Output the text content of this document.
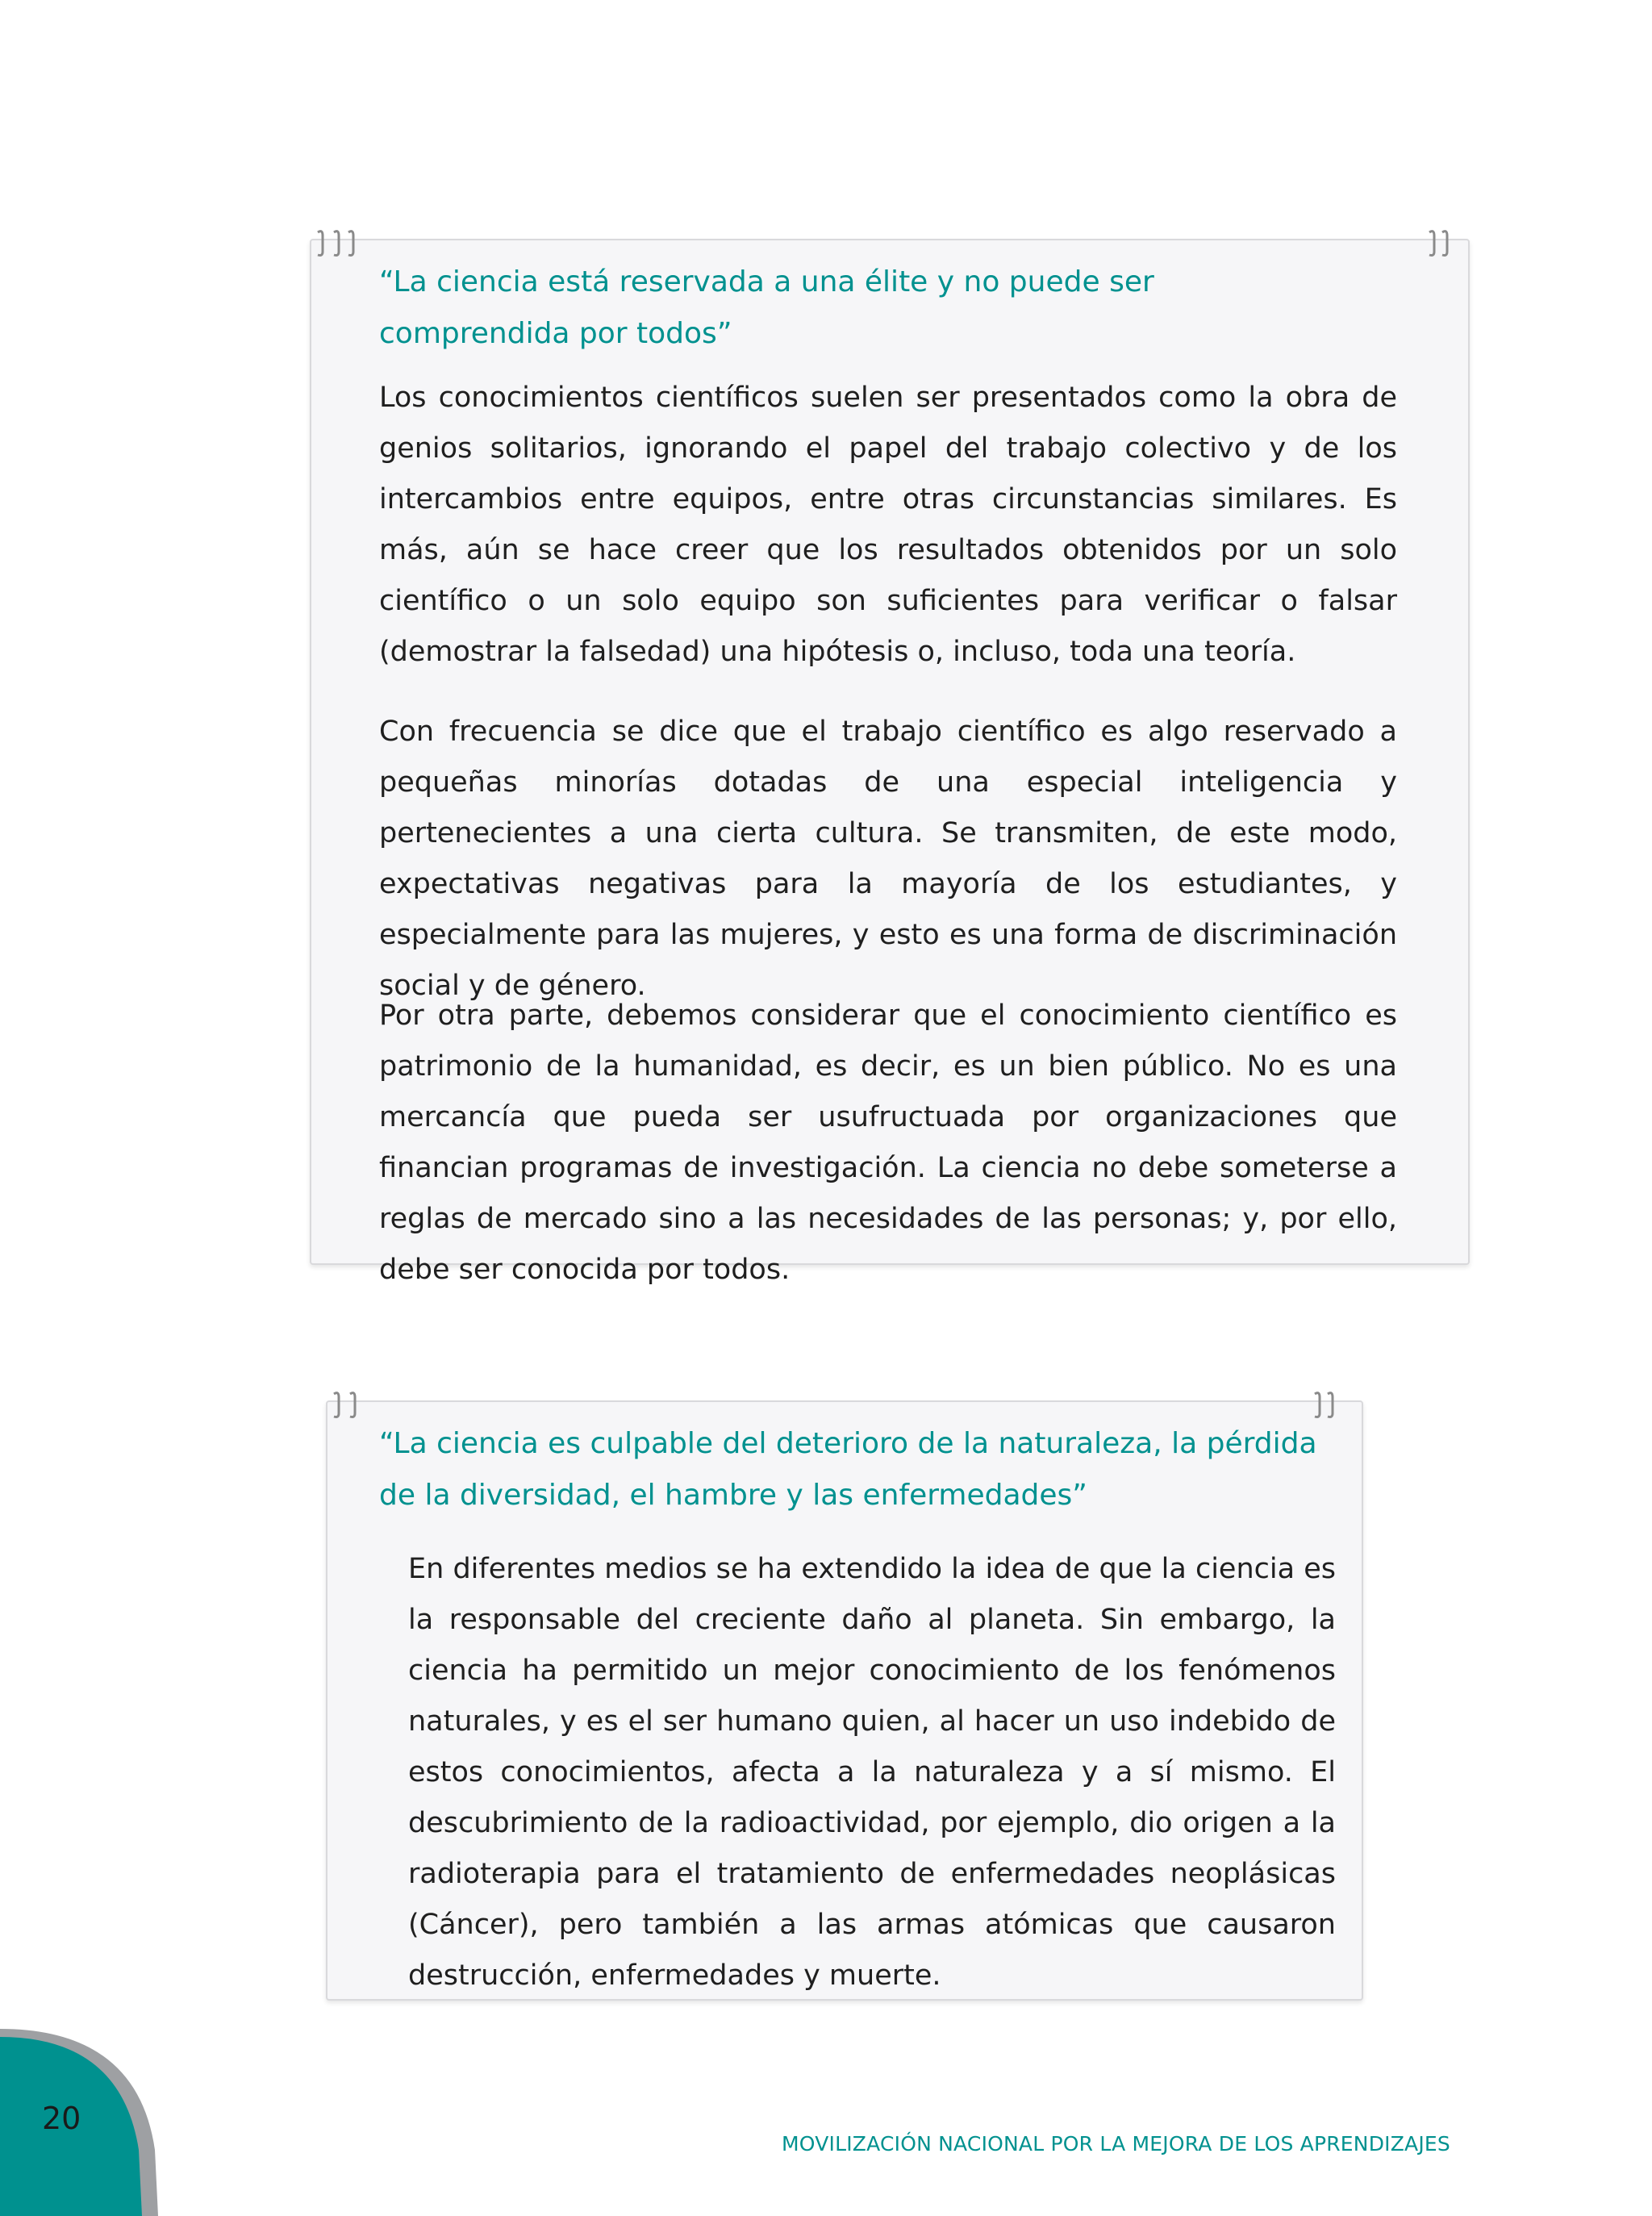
“La ciencia está reservada a una élite y no puede ser
comprendida por todos”

Los conocimientos científicos suelen ser presentados como la obra de genios solitarios, ignorando el papel del trabajo colectivo y de los intercambios entre equipos, entre otras circunstancias similares. Es más, aún se hace creer que los resultados obtenidos por un solo científico o un solo equipo son suficientes para verificar o falsar (demostrar la falsedad) una hipótesis o, incluso, toda una teoría.

Con frecuencia se dice que el trabajo científico es algo reservado a pequeñas minorías dotadas de una especial inteligencia y pertenecientes a una cierta cultura. Se transmiten, de este modo, expectativas negativas para la mayoría de los estudiantes, y especialmente para las mujeres, y esto es una forma de discriminación social y de género.

Por otra parte, debemos considerar que el conocimiento científico es patrimonio de la humanidad, es decir, es un bien público. No es una mercancía que pueda ser usufructuada por organizaciones que financian programas de investigación. La ciencia no debe someterse a reglas de mercado sino a las necesidades de las personas; y, por ello, debe ser conocida por todos.

“La ciencia es culpable del deterioro de la naturaleza, la pérdida
de la diversidad, el hambre y las enfermedades”

En diferentes medios se ha extendido la idea de que la ciencia es la responsable del creciente daño al planeta. Sin embargo, la ciencia ha permitido un mejor conocimiento de los fenómenos naturales, y es el ser humano quien, al hacer un uso indebido de estos conocimientos, afecta a la naturaleza y a sí mismo. El descubrimiento de la radioactividad, por ejemplo, dio origen a la radioterapia para el tratamiento de enfermedades neoplásicas (Cáncer), pero también a las armas atómicas que causaron destrucción, enfermedades y muerte.

20
MOVILIZACIÓN NACIONAL POR LA MEJORA DE LOS APRENDIZAJES
